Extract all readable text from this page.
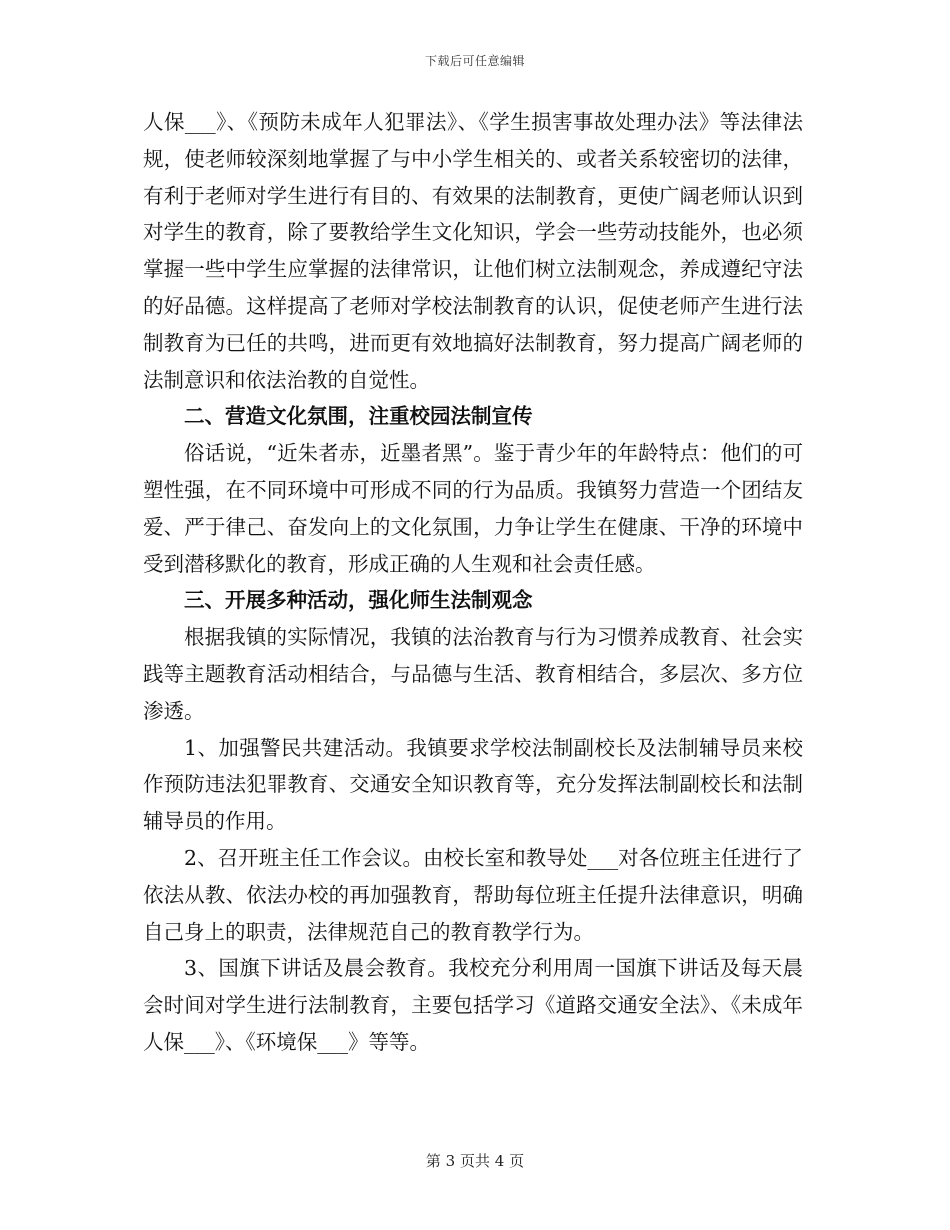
下载后可任意编辑

人保___》、《预防未成年人犯罪法》、《学生损害事故处理办法》等法律法规，使老师较深刻地掌握了与中小学生相关的、或者关系较密切的法律，有利于老师对学生进行有目的、有效果的法制教育，更使广阔老师认识到对学生的教育，除了要教给学生文化知识，学会一些劳动技能外，也必须掌握一些中学生应掌握的法律常识，让他们树立法制观念，养成遵纪守法的好品德。这样提高了老师对学校法制教育的认识，促使老师产生进行法制教育为已任的共鸣，进而更有效地搞好法制教育，努力提高广阔老师的法制意识和依法治教的自觉性。

二、营造文化氛围，注重校园法制宣传

俗话说，“近朱者赤，近墨者黑”。鉴于青少年的年龄特点：他们的可塑性强，在不同环境中可形成不同的行为品质。我镇努力营造一个团结友爱、严于律己、奋发向上的文化氛围，力争让学生在健康、干净的环境中受到潜移默化的教育，形成正确的人生观和社会责任感。

三、开展多种活动，强化师生法制观念

根据我镇的实际情况，我镇的法治教育与行为习惯养成教育、社会实践等主题教育活动相结合，与品德与生活、教育相结合，多层次、多方位渗透。

1、加强警民共建活动。我镇要求学校法制副校长及法制辅导员来校作预防违法犯罪教育、交通安全知识教育等，充分发挥法制副校长和法制辅导员的作用。

2、召开班主任工作会议。由校长室和教导处___对各位班主任进行了依法从教、依法办校的再加强教育，帮助每位班主任提升法律意识，明确自己身上的职责，法律规范自己的教育教学行为。

3、国旗下讲话及晨会教育。我校充分利用周一国旗下讲话及每天晨会时间对学生进行法制教育，主要包括学习《道路交通安全法》、《未成年人保___》、《环境保___》等等。

第 3 页共 4 页
